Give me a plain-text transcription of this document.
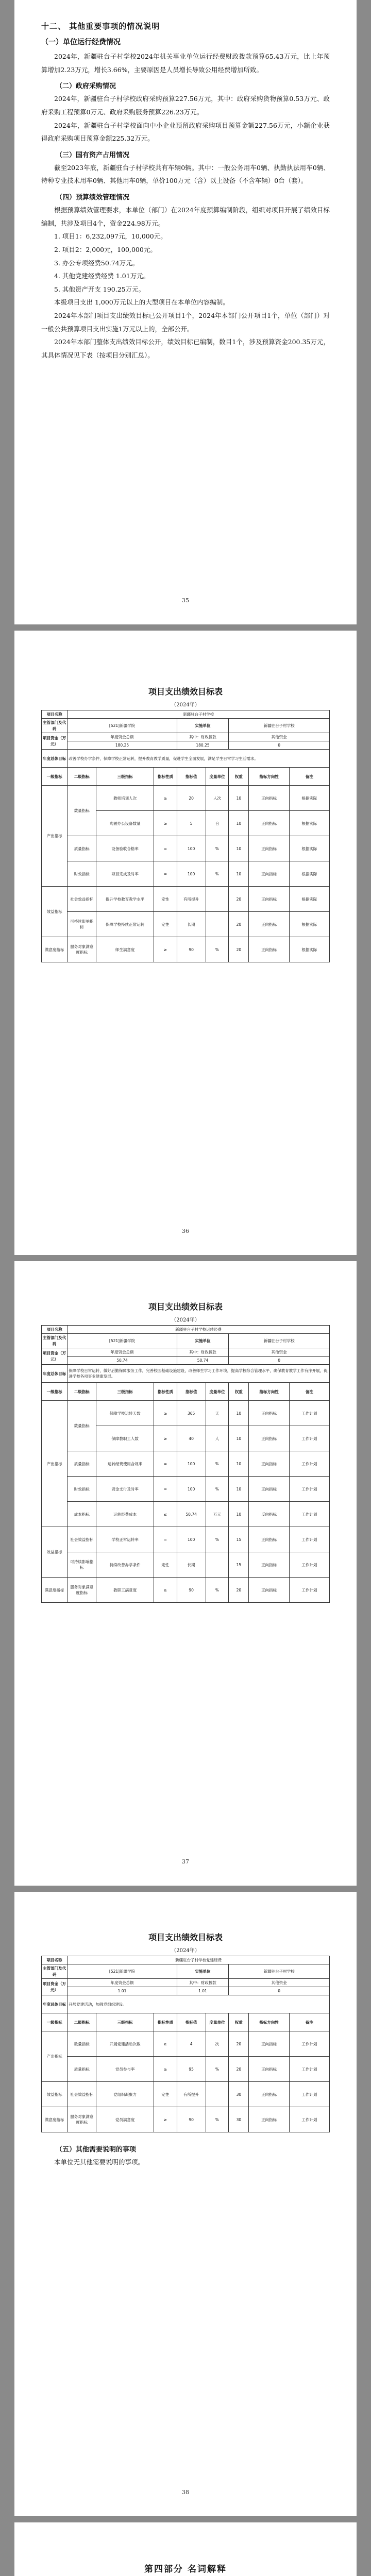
十二、 其他重要事项的情况说明
（一）单位运行经费情况

2024年，新疆驻台子村学校2024年机关事业单位运行经费财政拨款预算65.43万元，比上年预算增加2.23万元，增长3.66%，主要原因是人员增长导致公用经费增加所致。

（二）政府采购情况

2024年，新疆驻台子村学校政府采购预算227.56万元，其中：政府采购货物预算0.53万元、政府采购工程预算0万元、政府采购服务预算226.23万元。

2024年，新疆驻台子村学校面向中小企业预留政府采购项目预算金额227.56万元，小额企业获得政府采购项目预算金额225.32万元。

（三）国有资产占用情况

截至2023年底，新疆驻台子村学校共有车辆0辆。其中：一般公务用车0辆、执勤执法用车0辆、特种专业技术用车0辆、其他用车0辆，单价100万元（含）以上设备（不含车辆）0台（套）。

（四）预算绩效管理情况

根据预算绩效管理要求，本单位（部门）在2024年度预算编制阶段，组织对项目开展了绩效目标编制，共涉及项目4个，资金224.98万元。

1. 项目1：6,232,097元，10,000元。

2. 项目2：2,000元，100,000元。

3. 办公专项经费50.74万元。

4. 其他党建经费经费 1.01万元。

5. 其他资产开支 190.25万元。

本级项目支出 1,000万元以上的大型项目在本单位内容编制。

2024年本部门项目支出绩效目标已公开项目1个，2024年本部门公开项目1个，单位（部门）对一般公共预算项目支出实施1万元以上的，全部公开。

2024年本部门整体支出绩效目标公开，绩效目标已编制，数目1个，涉及预算资金200.35万元，其具体情况见下表（按项目分别汇总）。

35
项目支出绩效目标表
（2024年）
项目名称	新疆驻台子村学校							
主管部门及代码	[521]新疆学院			实施单位		新疆驻台子村学校		
项目资金（万元）	年度资金总额			其中：财政拨款		其他资金		
	180.25			180.25		0		
年度总体目标	改善学校办学条件，保障学校正常运转，提升教育教学质量，促进学生全面发展，满足学生日常学习生活需求。							
一级指标	二级指标	三级指标	指标性质	指标值	度量单位	权重	指标方向性	备注
产出指标	数量指标	教师培训人次	≥	20	人次	10	正向指标	根据实际
		购置办公设备数量	≥	5	台	10	正向指标	根据实际
	质量指标	设备验收合格率	=	100	%	10	正向指标	根据实际
	时效指标	项目完成及时率	=	100	%	10	正向指标	根据实际
效益指标	社会效益指标	提升学校教育教学水平	定性	有所提升		20	正向指标	根据实际
	可持续影响指标	保障学校持续正常运转	定性	长期		20	正向指标	根据实际
满意度指标	服务对象满意度指标	师生满意度	≥	90	%	20	正向指标	根据实际
36
项目支出绩效目标表
（2024年）
项目名称	新疆驻台子村学校运转经费							
主管部门及代码	[521]新疆学院			实施单位		新疆驻台子村学校		
项目资金（万元）	年度资金总额			其中：财政拨款		其他资金		
	50.74			50.74		0		
年度总体目标	保障学校日常运转，做好后勤保障服务工作，完善校园基础设施建设，改善师生学习工作环境，提高学校综合管理水平，确保教育教学工作有序开展，促进学校各项事业健康发展。							
一级指标	二级指标	三级指标	指标性质	指标值	度量单位	权重	指标方向性	备注
产出指标	数量指标	保障学校运转天数	≥	365	天	10	正向指标	工作计划
		保障教职工人数	≥	40	人	10	正向指标	工作计划
	质量指标	运转经费使用合规率	=	100	%	10	正向指标	工作计划
	时效指标	资金支付及时率	=	100	%	10	正向指标	工作计划
	成本指标	运转经费成本	≤	50.74	万元	10	反向指标	工作计划
效益指标	社会效益指标	学校正常运转率	=	100	%	15	正向指标	工作计划
	可持续影响指标	持续改善办学条件	定性	长期		15	正向指标	工作计划
满意度指标	服务对象满意度指标	教职工满意度	≥	90	%	20	正向指标	工作计划
37
项目支出绩效目标表
（2024年）
项目名称	新疆驻台子村学校党建经费							
主管部门及代码	[521]新疆学院			实施单位		新疆驻台子村学校		
项目资金（万元）	年度资金总额			其中：财政拨款		其他资金		
	1.01			1.01		0		
年度总体目标	开展党建活动，加强党组织建设。							
一级指标	二级指标	三级指标	指标性质	指标值	度量单位	权重	指标方向性	备注
产出指标	数量指标	开展党建活动次数	≥	4	次	20	正向指标	工作计划
	质量指标	党员参与率	≥	95	%	20	正向指标	工作计划
效益指标	社会效益指标	党组织凝聚力	定性	有所提升		30	正向指标	工作计划
满意度指标	服务对象满意度指标	党员满意度	≥	90	%	30	正向指标	工作计划
（五）其他需要说明的事项

本单位无其他需要说明的事项。

38
第四部分 名词解释
